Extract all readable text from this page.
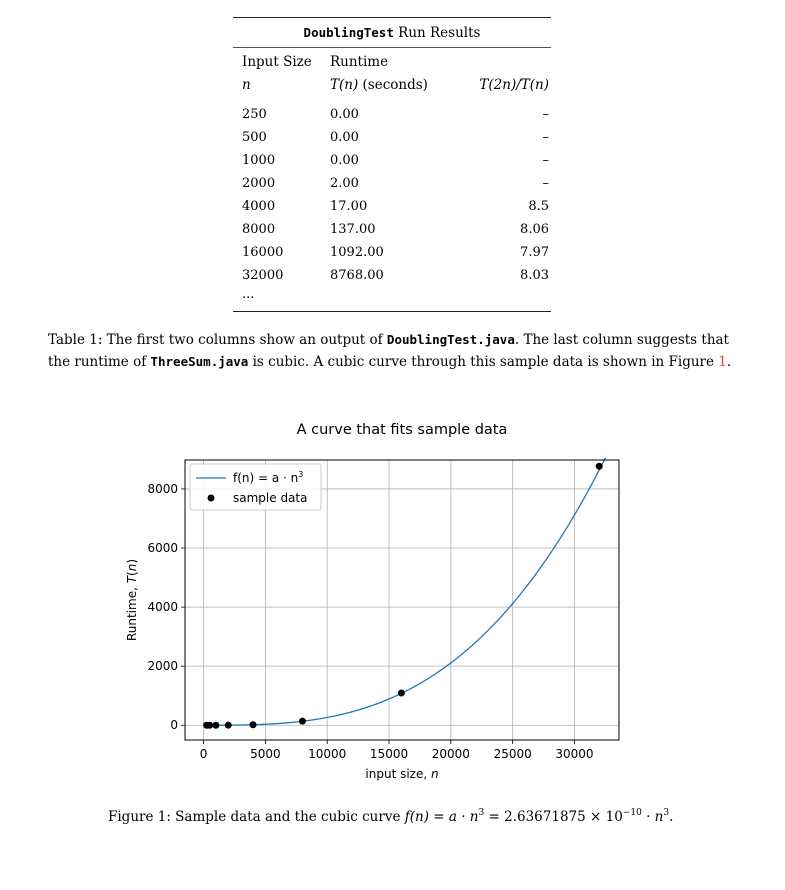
DoublingTest Run Results
Input Size Runtime
n	T(n) (seconds)	T(2n)/T(n)
250	0.00	–
500	0.00	–
1000	0.00	–
2000	2.00	–
4000	17.00	8.5
8000	137.00	8.06
16000	1092.00	7.97
32000	8768.00	8.03
...
Table 1: The first two columns show an output of DoublingTest.java. The last column suggests that the runtime of ThreeSum.java is cubic. A cubic curve through this sample data is shown in Figure 1.
0	5000 10000 15000 20000 25000 30000
0
2000
4000
6000
8000
A curve that fits sample data
input size, n
Runtime, T(n)
$f(n) = a \cdot n^3$
sample data
Figure 1: Sample data and the cubic curve $f(n) = a \cdot n^3 = 2.63671875 \times 10^{-10} \cdot n^3$.
